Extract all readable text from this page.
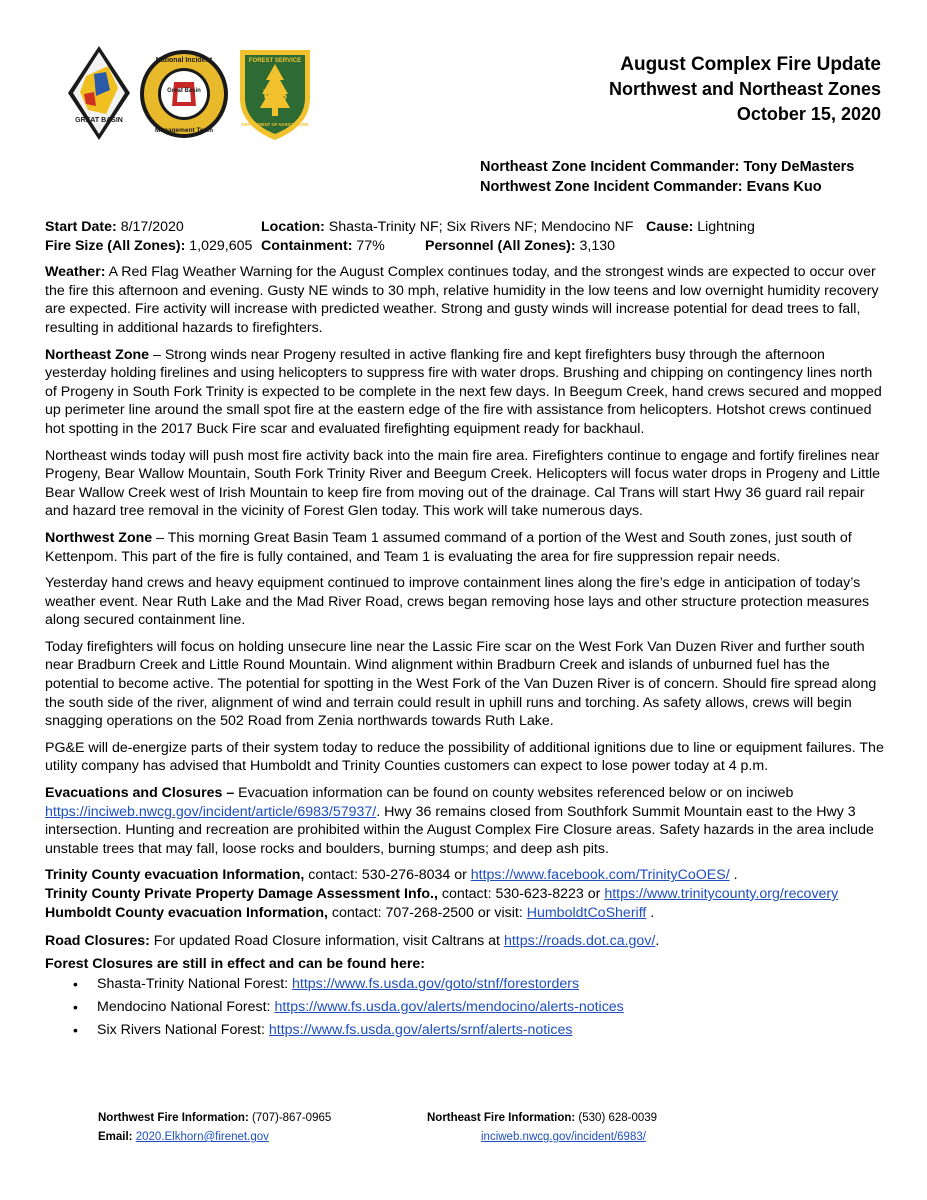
GREAT BASIN
Great Basin
National Incident
Management Team
FOREST SERVICE
U S
DEPARTMENT OF AGRICULTURE
August Complex Fire Update
Northwest and Northeast Zones
October 15, 2020
Northeast Zone Incident Commander: Tony DeMasters
Northwest Zone Incident Commander: Evans Kuo
Start Date: 8/17/2020	Location: Shasta-Trinity NF; Six Rivers NF; Mendocino NF Cause: Lightning
Fire Size (All Zones): 1,029,605 Containment: 77%	Personnel (All Zones): 3,130

Weather: A Red Flag Weather Warning for the August Complex continues today, and the strongest winds are expected to occur over the fire this afternoon and evening. Gusty NE winds to 30 mph, relative humidity in the low teens and low overnight humidity recovery are expected. Fire activity will increase with predicted weather. Strong and gusty winds will increase potential for dead trees to fall, resulting in additional hazards to firefighters.

Northeast Zone – Strong winds near Progeny resulted in active flanking fire and kept firefighters busy through the afternoon yesterday holding firelines and using helicopters to suppress fire with water drops. Brushing and chipping on contingency lines north of Progeny in South Fork Trinity is expected to be complete in the next few days. In Beegum Creek, hand crews secured and mopped up perimeter line around the small spot fire at the eastern edge of the fire with assistance from helicopters. Hotshot crews continued hot spotting in the 2017 Buck Fire scar and evaluated firefighting equipment ready for backhaul.

Northeast winds today will push most fire activity back into the main fire area. Firefighters continue to engage and fortify firelines near Progeny, Bear Wallow Mountain, South Fork Trinity River and Beegum Creek. Helicopters will focus water drops in Progeny and Little Bear Wallow Creek west of Irish Mountain to keep fire from moving out of the drainage. Cal Trans will start Hwy 36 guard rail repair and hazard tree removal in the vicinity of Forest Glen today. This work will take numerous days.

Northwest Zone – This morning Great Basin Team 1 assumed command of a portion of the West and South zones, just south of Kettenpom. This part of the fire is fully contained, and Team 1 is evaluating the area for fire suppression repair needs.

Yesterday hand crews and heavy equipment continued to improve containment lines along the fire’s edge in anticipation of today’s weather event. Near Ruth Lake and the Mad River Road, crews began removing hose lays and other structure protection measures along secured containment line.

Today firefighters will focus on holding unsecure line near the Lassic Fire scar on the West Fork Van Duzen River and further south near Bradburn Creek and Little Round Mountain. Wind alignment within Bradburn Creek and islands of unburned fuel has the potential to become active. The potential for spotting in the West Fork of the Van Duzen River is of concern. Should fire spread along the south side of the river, alignment of wind and terrain could result in uphill runs and torching. As safety allows, crews will begin snagging operations on the 502 Road from Zenia northwards towards Ruth Lake.

PG&E will de-energize parts of their system today to reduce the possibility of additional ignitions due to line or equipment failures. The utility company has advised that Humboldt and Trinity Counties customers can expect to lose power today at 4 p.m.

Evacuations and Closures – Evacuation information can be found on county websites referenced below or on inciweb https://inciweb.nwcg.gov/incident/article/6983/57937/. Hwy 36 remains closed from Southfork Summit Mountain east to the Hwy 3 intersection. Hunting and recreation are prohibited within the August Complex Fire Closure areas. Safety hazards in the area include unstable trees that may fall, loose rocks and boulders, burning stumps; and deep ash pits.

Trinity County evacuation Information, contact: 530-276-8034 or https://www.facebook.com/TrinityCoOES/ .
Trinity County Private Property Damage Assessment Info., contact: 530-623-8223 or https://www.trinitycounty.org/recovery
Humboldt County evacuation Information, contact: 707-268-2500 or visit: HumboldtCoSheriff .
Road Closures: For updated Road Closure information, visit Caltrans at https://roads.dot.ca.gov/.
Forest Closures are still in effect and can be found here:
• Shasta-Trinity National Forest: https://www.fs.usda.gov/goto/stnf/forestorders
• Mendocino National Forest: https://www.fs.usda.gov/alerts/mendocino/alerts-notices
• Six Rivers National Forest: https://www.fs.usda.gov/alerts/srnf/alerts-notices
Northwest Fire Information: (707)-867-0965
Email: 2020.Elkhorn@firenet.gov
Northeast Fire Information: (530) 628-0039
inciweb.nwcg.gov/incident/6983/
